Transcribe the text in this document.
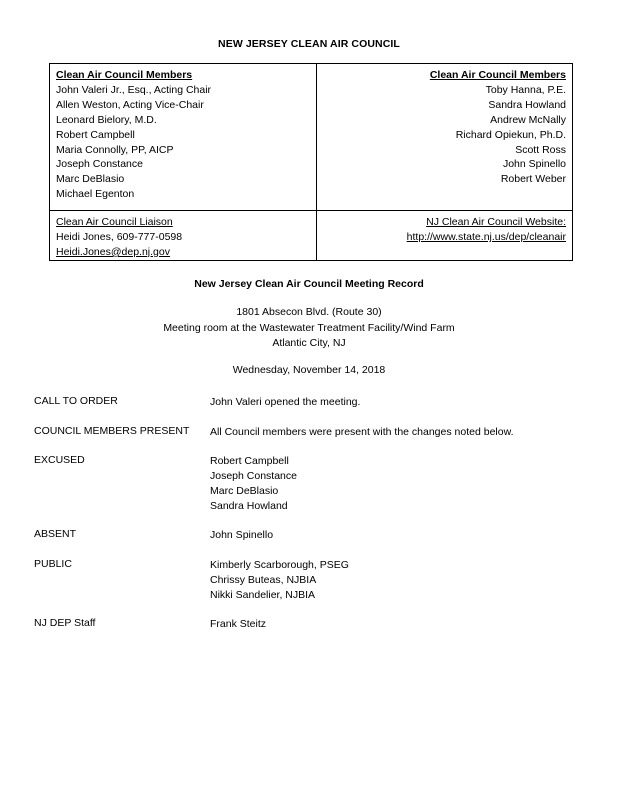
NEW JERSEY CLEAN AIR COUNCIL
Clean Air Council Members
John Valeri Jr., Esq., Acting Chair
Allen Weston, Acting Vice-Chair
Leonard Bielory, M.D.
Robert Campbell
Maria Connolly, PP, AICP
Joseph Constance
Marc DeBlasio
Michael Egenton
Clean Air Council Members
Toby Hanna, P.E.
Sandra Howland
Andrew McNally
Richard Opiekun, Ph.D.
Scott Ross
John Spinello
Robert Weber
Clean Air Council Liaison
Heidi Jones, 609-777-0598
Heidi.Jones@dep.nj.gov
NJ Clean Air Council Website:
http://www.state.nj.us/dep/cleanair
New Jersey Clean Air Council Meeting Record
1801 Absecon Blvd. (Route 30)
Meeting room at the Wastewater Treatment Facility/Wind Farm
Atlantic City, NJ
Wednesday, November 14, 2018
CALL TO ORDER	John Valeri opened the meeting.
COUNCIL MEMBERS PRESENT All Council members were present with the changes noted below.
EXCUSED	Robert Campbell
Joseph Constance
Marc DeBlasio
Sandra Howland
ABSENT	John Spinello
PUBLIC	Kimberly Scarborough, PSEG
Chrissy Buteas, NJBIA
Nikki Sandelier, NJBIA
NJ DEP Staff	Frank Steitz
